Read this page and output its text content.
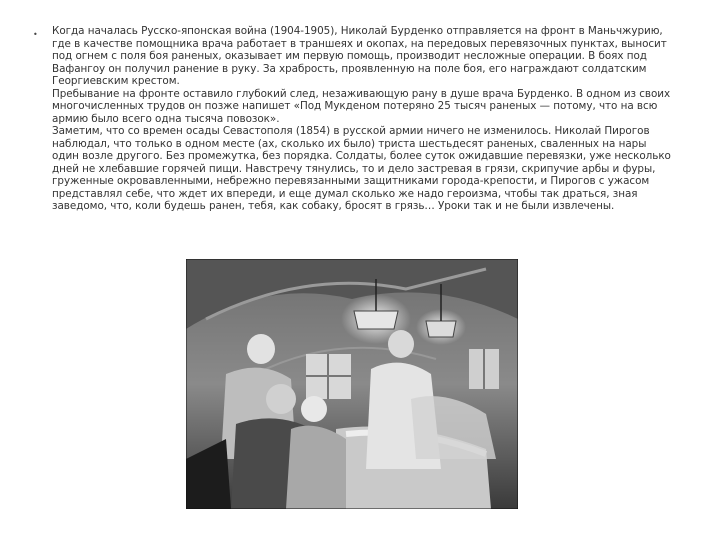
• Когда началась Русско-японская война (1904-1905), Николай Бурденко отправляется на фронт в Маньчжурию, где в качестве помощника врача работает в траншеях и окопах, на передовых перевязочных пунктах, выносит под огнем с поля боя раненых, оказывает им первую помощь, производит несложные операции. В боях под Вафангоу он получил ранение в руку. За храбрость, проявленную на поле боя, его награждают солдатским Георгиевским крестом.
Пребывание на фронте оставило глубокий след, незаживающую рану в душе врача Бурденко. В одном из своих многочисленных трудов он позже напишет «Под Мукденом потеряно 25 тысяч раненых — потому, что на всю армию было всего одна тысяча повозок».
Заметим, что со времен осады Севастополя (1854) в русской армии ничего не изменилось. Николай Пирогов наблюдал, что только в одном месте (ах, сколько их было) триста шестьдесят раненых, сваленных на нары один возле другого. Без промежутка, без порядка. Солдаты, более суток ожидавшие перевязки, уже несколько дней не хлебавшие горячей пищи. Навстречу тянулись, то и дело застревая в грязи, скрипучие арбы и фуры, груженные окровавленными, небрежно перевязанными защитниками города-крепости, и Пирогов с ужасом представлял себе, что ждет их впереди, и еще думал сколько же надо героизма, чтобы так драться, зная заведомо, что, коли будешь ранен, тебя, как собаку, бросят в грязь… Уроки так и не были извлечены.
